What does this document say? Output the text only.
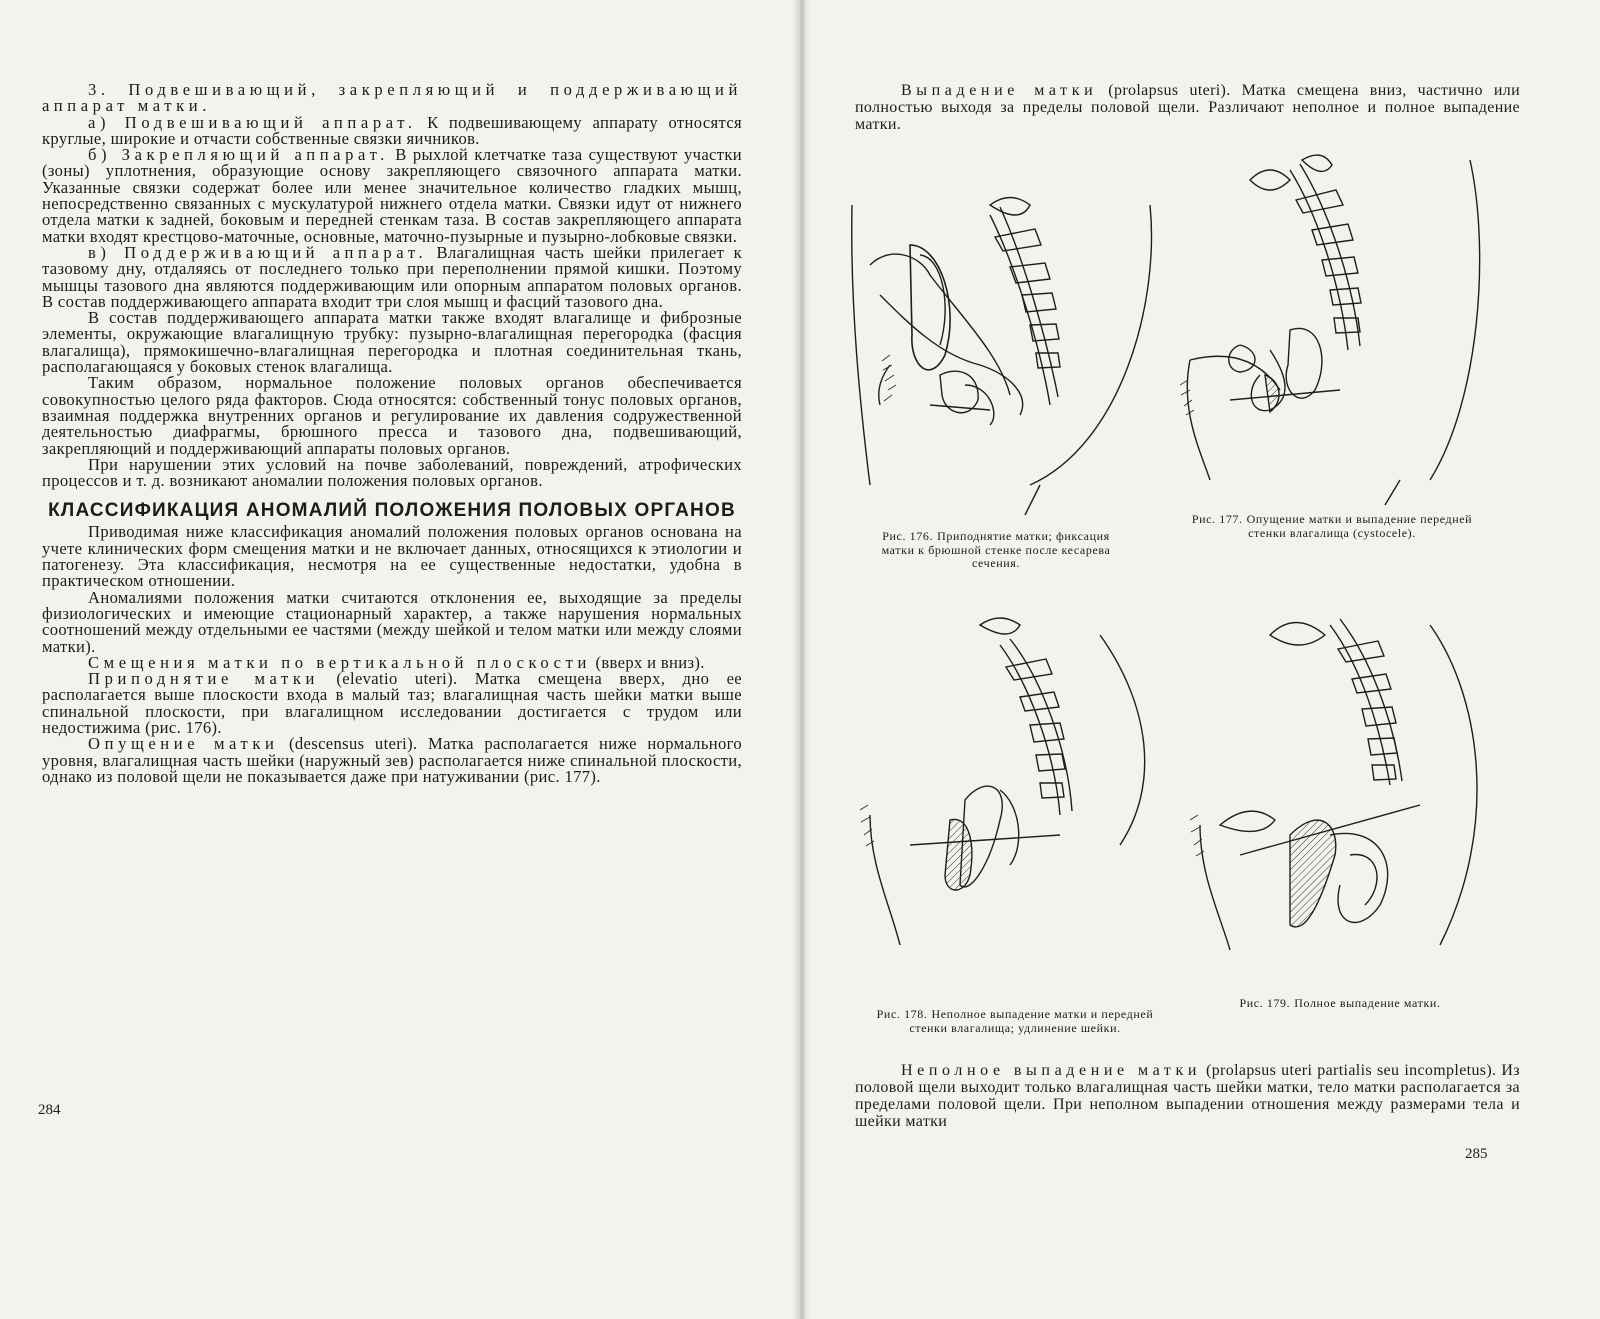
3. Подвешивающий, закрепляющий и поддерживающий аппарат матки.

а) Подвешивающий аппарат. К подвешивающему аппарату относятся круглые, широкие и отчасти собственные связки яичников.

б) Закрепляющий аппарат. В рыхлой клетчатке таза существуют участки (зоны) уплотнения, образующие основу закрепляющего связочного аппарата матки. Указанные связки содержат более или менее значительное количество гладких мышц, непосредственно связанных с мускулатурой нижнего отдела матки. Связки идут от нижнего отдела матки к задней, боковым и передней стенкам таза. В состав закрепляющего аппарата матки входят крестцово-маточные, основные, маточно-пузырные и пузырно-лобковые связки.

в) Поддерживающий аппарат. Влагалищная часть шейки прилегает к тазовому дну, отдаляясь от последнего только при переполнении прямой кишки. Поэтому мышцы тазового дна являются поддерживающим или опорным аппаратом половых органов. В состав поддерживающего аппарата входит три слоя мышц и фасций тазового дна.

В состав поддерживающего аппарата матки также входят влагалище и фиброзные элементы, окружающие влагалищную трубку: пузырно-влагалищная перегородка (фасция влагалища), прямокишечно-влагалищная перегородка и плотная соединительная ткань, располагающаяся у боковых стенок влагалища.

Таким образом, нормальное положение половых органов обеспечивается совокупностью целого ряда факторов. Сюда относятся: собственный тонус половых органов, взаимная поддержка внутренних органов и регулирование их давления содружественной деятельностью диафрагмы, брюшного пресса и тазового дна, подвешивающий, закрепляющий и поддерживающий аппараты половых органов.

При нарушении этих условий на почве заболеваний, повреждений, атрофических процессов и т. д. возникают аномалии положения половых органов.

КЛАССИФИКАЦИЯ АНОМАЛИЙ ПОЛОЖЕНИЯ ПОЛОВЫХ ОРГАНОВ

Приводимая ниже классификация аномалий положения половых органов основана на учете клинических форм смещения матки и не включает данных, относящихся к этиологии и патогенезу. Эта классификация, несмотря на ее существенные недостатки, удобна в практическом отношении.

Аномалиями положения матки считаются отклонения ее, выходящие за пределы физиологических и имеющие стационарный характер, а также нарушения нормальных соотношений между отдельными ее частями (между шейкой и телом матки или между слоями матки).

Смещения матки по вертикальной плоскости (вверх и вниз).

Приподнятие матки (elevatio uteri). Матка смещена вверх, дно ее располагается выше плоскости входа в малый таз; влагалищная часть шейки матки выше спинальной плоскости, при влагалищном исследовании достигается с трудом или недостижима (рис. 176).

Опущение матки (descensus uteri). Матка располагается ниже нормального уровня, влагалищная часть шейки (наружный зев) располагается ниже спинальной плоскости, однако из половой щели не показывается даже при натуживании (рис. 177).

284

Выпадение матки (prolapsus uteri). Матка смещена вниз, частично или полностью выходя за пределы половой щели. Различают неполное и полное выпадение матки.

Рис. 176. Приподнятие матки; фиксация матки к брюшной стенке после кесарева сечения.
Рис. 177. Опущение матки и выпадение передней стенки влагалища (cystocele).
Рис. 178. Неполное выпадение матки и передней стенки влагалища; удлинение шейки.
Рис. 179. Полное выпадение матки.

Неполное выпадение матки (prolapsus uteri partialis seu incompletus). Из половой щели выходит только влагалищная часть шейки матки, тело матки располагается за пределами половой щели. При неполном выпадении отношения между размерами тела и шейки матки

285
